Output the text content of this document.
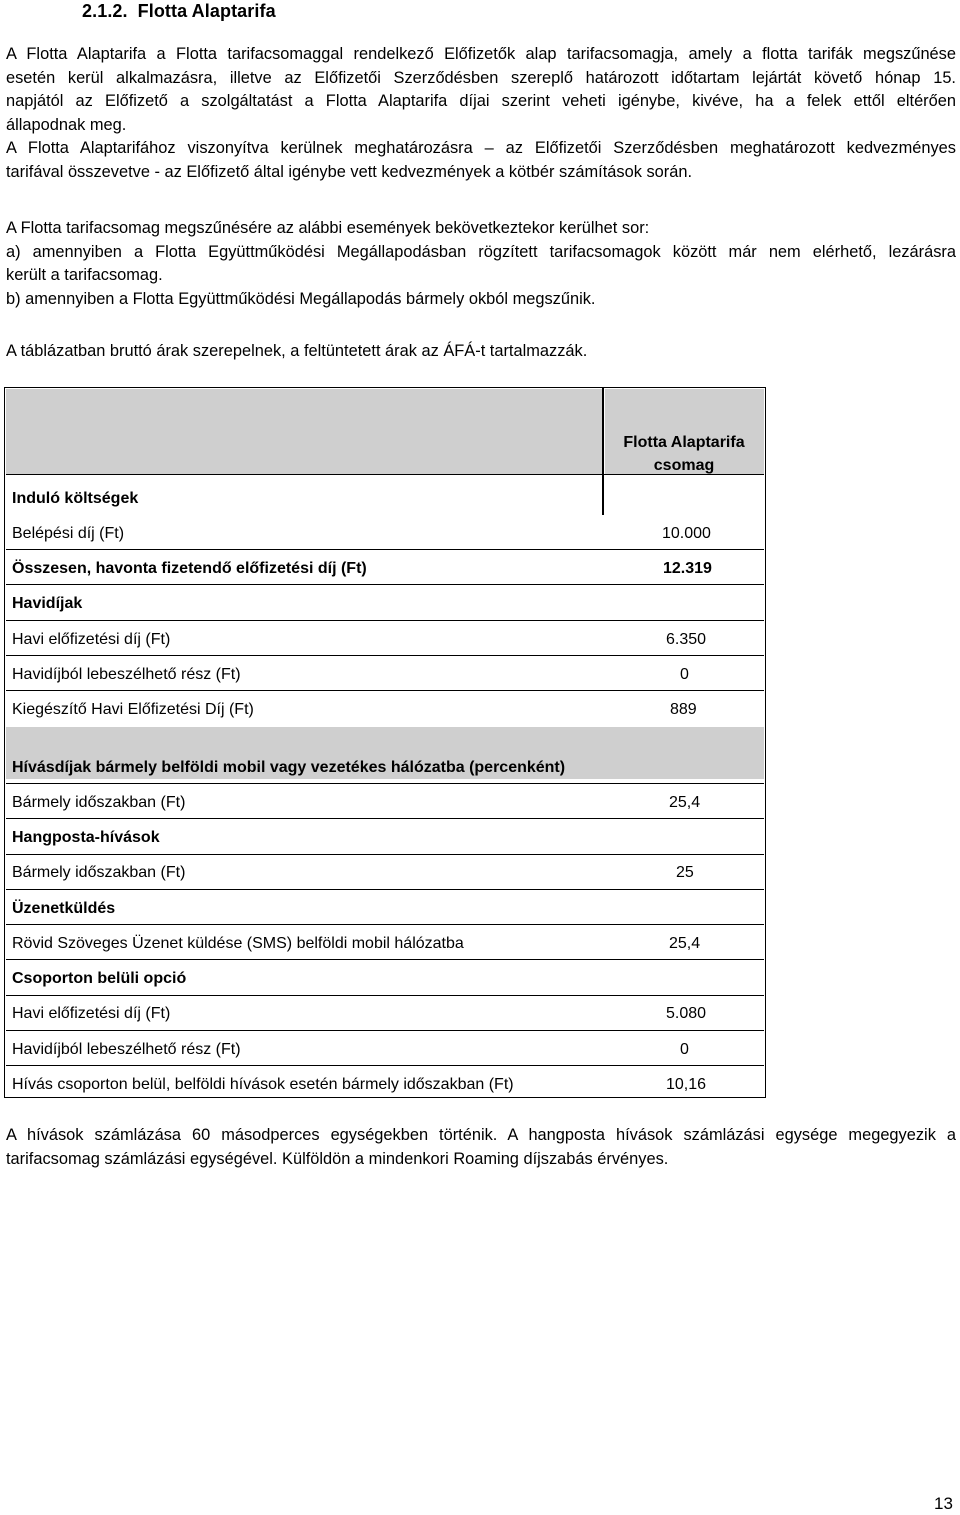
2.1.2. Flotta Alaptarifa
A Flotta Alaptarifa a Flotta tarifacsomaggal rendelkező Előfizetők alap tarifacsomagja, amely a flotta tarifák megszűnése
esetén kerül alkalmazásra, illetve az Előfizetői Szerződésben szereplő határozott időtartam lejártát követő hónap 15.
napjától az Előfizető a szolgáltatást a Flotta Alaptarifa díjai szerint veheti igénybe, kivéve, ha a felek ettől eltérően
állapodnak meg.
A Flotta Alaptarifához viszonyítva kerülnek meghatározásra – az Előfizetői Szerződésben meghatározott kedvezményes
tarifával összevetve - az Előfizető által igénybe vett kedvezmények a kötbér számítások során.
A Flotta tarifacsomag megszűnésére az alábbi események bekövetkeztekor kerülhet sor:
a) amennyiben a Flotta Együttműködési Megállapodásban rögzített tarifacsomagok között már nem elérhető, lezárásra
került a tarifacsomag.
b) amennyiben a Flotta Együttműködési Megállapodás bármely okból megszűnik.
A táblázatban bruttó árak szerepelnek, a feltüntetett árak az ÁFÁ-t tartalmazzák.
Flotta Alaptarifa
csomag
Induló költségek
Belépési díj (Ft)	10.000
Összesen, havonta fizetendő előfizetési díj (Ft)	12.319
Havidíjak
Havi előfizetési díj (Ft)	6.350
Havidíjból lebeszélhető rész (Ft)	0
Kiegészítő Havi Előfizetési Díj (Ft)	889
Hívásdíjak bármely belföldi mobil vagy vezetékes hálózatba (percenként)
Bármely időszakban (Ft)	25,4
Hangposta-hívások
Bármely időszakban (Ft)	25
Üzenetküldés
Rövid Szöveges Üzenet küldése (SMS) belföldi mobil hálózatba	25,4
Csoporton belüli opció
Havi előfizetési díj (Ft)	5.080
Havidíjból lebeszélhető rész (Ft)	0
Hívás csoporton belül, belföldi hívások esetén bármely időszakban (Ft)	10,16
A hívások számlázása 60 másodperces egységekben történik. A hangposta hívások számlázási egysége megegyezik a
tarifacsomag számlázási egységével. Külföldön a mindenkori Roaming díjszabás érvényes.
13
